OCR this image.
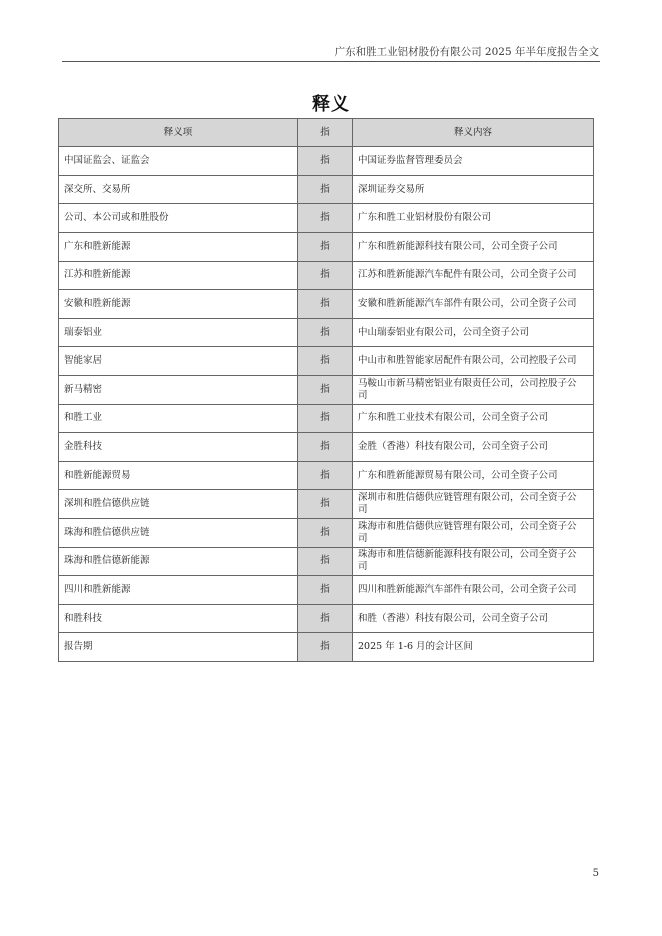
广东和胜工业铝材股份有限公司 2025 年半年度报告全文
释义
释义项	指	释义内容
中国证监会、证监会	指	中国证券监督管理委员会
深交所、交易所	指	深圳证券交易所
公司、本公司或和胜股份	指	广东和胜工业铝材股份有限公司
广东和胜新能源	指	广东和胜新能源科技有限公司，公司全资子公司
江苏和胜新能源	指	江苏和胜新能源汽车配件有限公司，公司全资子公司
安徽和胜新能源	指	安徽和胜新能源汽车部件有限公司，公司全资子公司
瑞泰铝业	指	中山瑞泰铝业有限公司，公司全资子公司
智能家居	指	中山市和胜智能家居配件有限公司，公司控股子公司
新马精密	指	马鞍山市新马精密铝业有限责任公司，公司控股子公司
和胜工业	指	广东和胜工业技术有限公司，公司全资子公司
金胜科技	指	金胜（香港）科技有限公司，公司全资子公司
和胜新能源贸易	指	广东和胜新能源贸易有限公司，公司全资子公司
深圳和胜信德供应链	指	深圳市和胜信德供应链管理有限公司，公司全资子公司
珠海和胜信德供应链	指	珠海市和胜信德供应链管理有限公司，公司全资子公司
珠海和胜信德新能源	指	珠海市和胜信德新能源科技有限公司，公司全资子公司
四川和胜新能源	指	四川和胜新能源汽车部件有限公司，公司全资子公司
和胜科技	指	和胜（香港）科技有限公司，公司全资子公司
报告期	指	2025 年 1-6 月的会计区间
5
